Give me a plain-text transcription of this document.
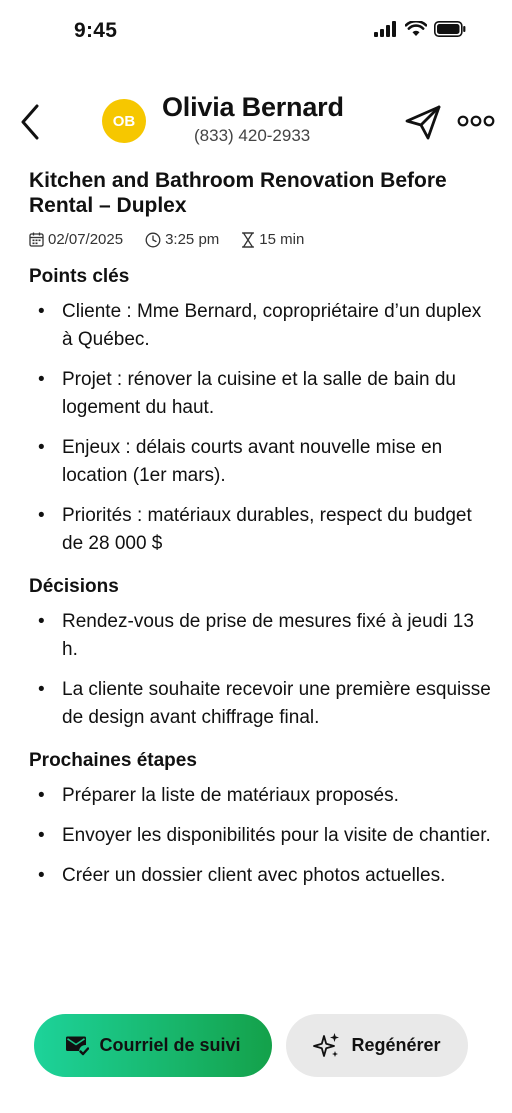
9:45
OB Olivia Bernard
(833) 420-2933
Kitchen and Bathroom Renovation Before Rental – Duplex
02/07/2025	3:25 pm	15 min
Points clés
• Cliente : Mme Bernard, copropriétaire d’un duplex à Québec.
• Projet : rénover la cuisine et la salle de bain du logement du haut.
• Enjeux : délais courts avant nouvelle mise en location (1er mars).
• Priorités : matériaux durables, respect du budget de 28 000 $
Décisions
• Rendez-vous de prise de mesures fixé à jeudi 13 h.
• La cliente souhaite recevoir une première esquisse de design avant chiffrage final.
Prochaines étapes
• Préparer la liste de matériaux proposés.
• Envoyer les disponibilités pour la visite de chantier.
• Créer un dossier client avec photos actuelles.
Courriel de suivi	Regénérer
